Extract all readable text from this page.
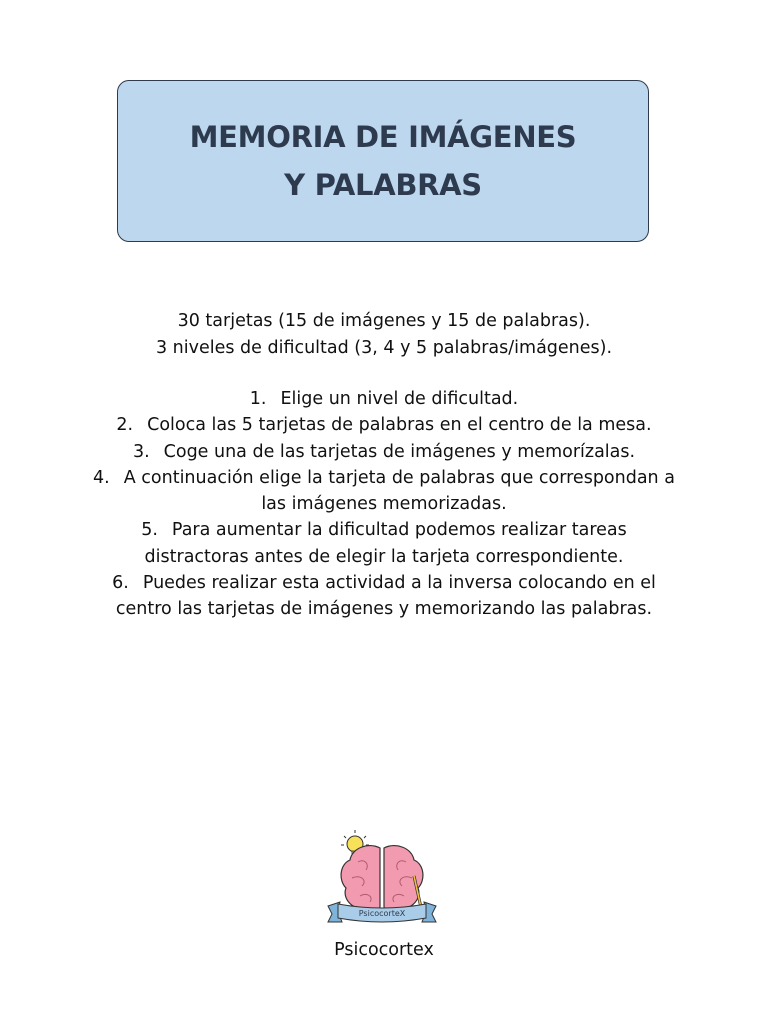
MEMORIA DE IMÁGENES
Y PALABRAS
30 tarjetas (15 de imágenes y 15 de palabras).
3 niveles de dificultad (3, 4 y 5 palabras/imágenes).
1. Elige un nivel de dificultad.
2. Coloca las 5 tarjetas de palabras en el centro de la mesa.
3. Coge una de las tarjetas de imágenes y memorízalas.
4. A continuación elige la tarjeta de palabras que correspondan a
las imágenes memorizadas.
5. Para aumentar la dificultad podemos realizar tareas
distractoras antes de elegir la tarjeta correspondiente.
6. Puedes realizar esta actividad a la inversa colocando en el
centro las tarjetas de imágenes y memorizando las palabras.
PsicocorteX
Psicocortex
